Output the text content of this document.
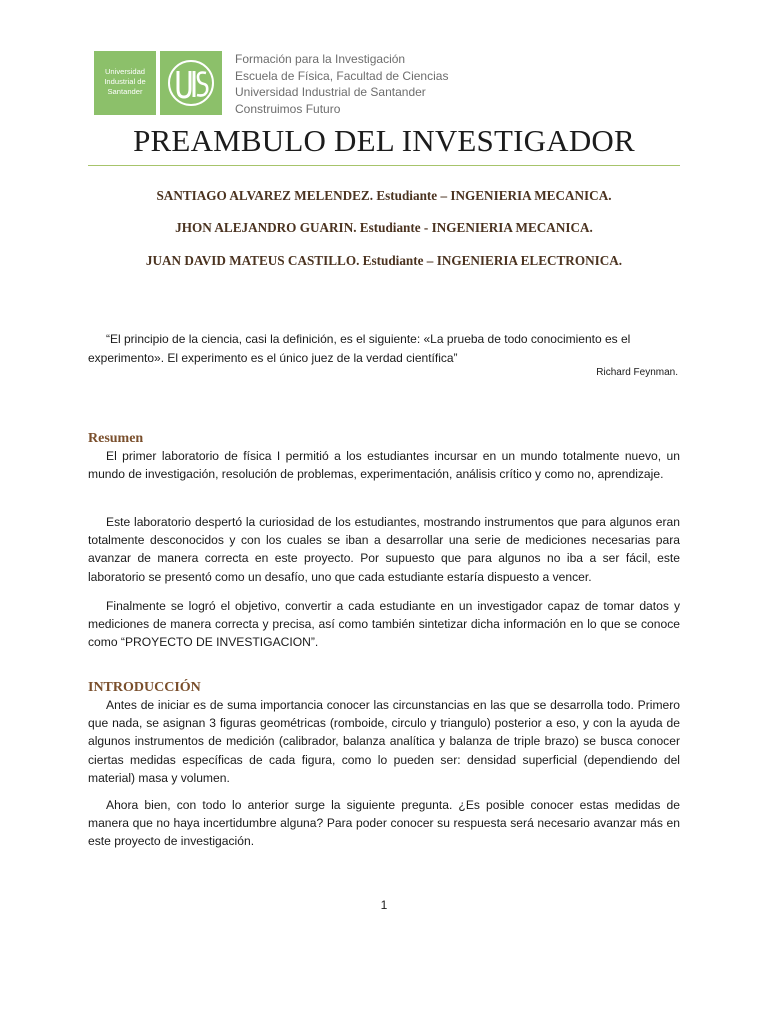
Universidad
Industrial de
Santander
Formación para la Investigación
Escuela de Física, Facultad de Ciencias
Universidad Industrial de Santander
Construimos Futuro
PREAMBULO DEL INVESTIGADOR
SANTIAGO ALVAREZ MELENDEZ. Estudiante – INGENIERIA MECANICA.
JHON ALEJANDRO GUARIN. Estudiante - INGENIERIA MECANICA.
JUAN DAVID MATEUS CASTILLO. Estudiante – INGENIERIA ELECTRONICA.
“El principio de la ciencia, casi la definición, es el siguiente: «La prueba de todo conocimiento es el experimento». El experimento es el único juez de la verdad científica”
Richard Feynman.
Resumen
El primer laboratorio de física I permitió a los estudiantes incursar en un mundo totalmente nuevo, un mundo de investigación, resolución de problemas, experimentación, análisis crítico y como no, aprendizaje.
Este laboratorio despertó la curiosidad de los estudiantes, mostrando instrumentos que para algunos eran totalmente desconocidos y con los cuales se iban a desarrollar una serie de mediciones necesarias para avanzar de manera correcta en este proyecto. Por supuesto que para algunos no iba a ser fácil, este laboratorio se presentó como un desafío, uno que cada estudiante estaría dispuesto a vencer.
Finalmente se logró el objetivo, convertir a cada estudiante en un investigador capaz de tomar datos y mediciones de manera correcta y precisa, así como también sintetizar dicha información en lo que se conoce como “PROYECTO DE INVESTIGACION”.
INTRODUCCIÓN
Antes de iniciar es de suma importancia conocer las circunstancias en las que se desarrolla todo. Primero que nada, se asignan 3 figuras geométricas (romboide, circulo y triangulo) posterior a eso, y con la ayuda de algunos instrumentos de medición (calibrador, balanza analítica y balanza de triple brazo) se busca conocer ciertas medidas específicas de cada figura, como lo pueden ser: densidad superficial (dependiendo del material) masa y volumen.
Ahora bien, con todo lo anterior surge la siguiente pregunta. ¿Es posible conocer estas medidas de manera que no haya incertidumbre alguna? Para poder conocer su respuesta será necesario avanzar más en este proyecto de investigación.
1
